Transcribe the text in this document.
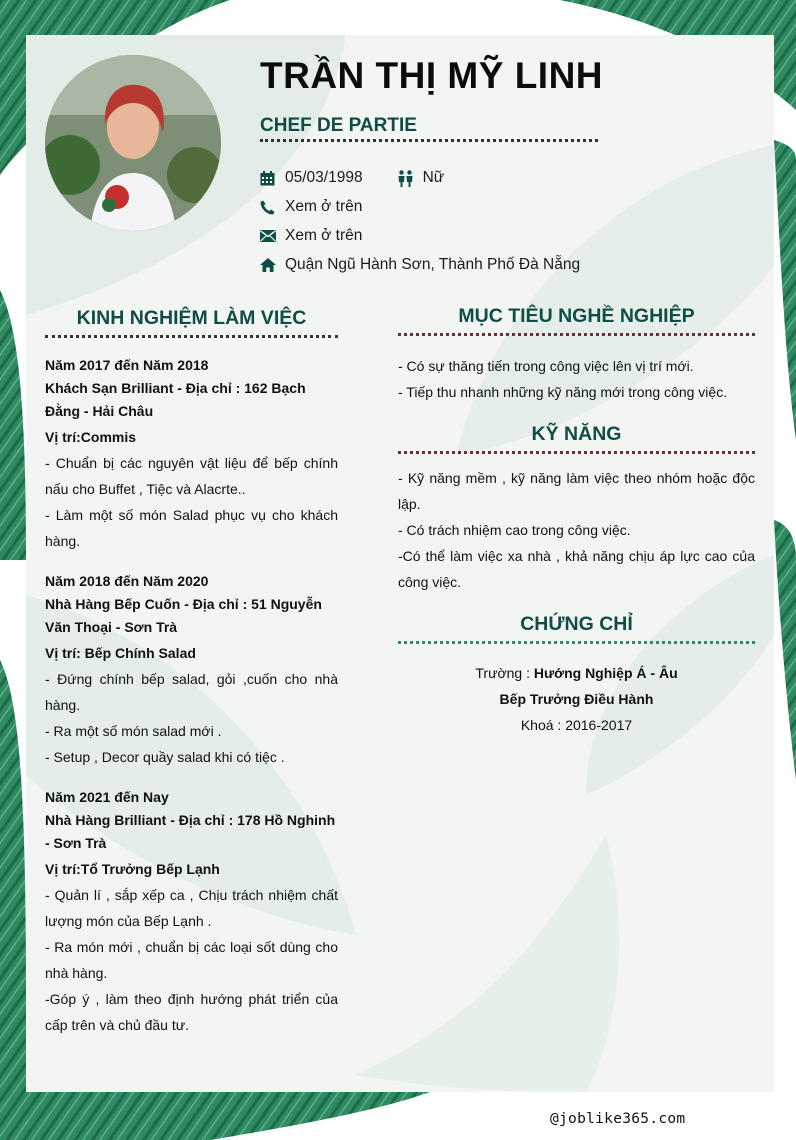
TRẦN THỊ MỸ LINH
CHEF DE PARTIE
05/03/1998	Nữ
Xem ở trên
Xem ở trên
Quận Ngũ Hành Sơn, Thành Phố Đà Nẵng
KINH NGHIỆM LÀM VIỆC
Năm 2017 đến Năm 2018
Khách Sạn Brilliant - Địa chỉ : 162 Bạch Đằng - Hải Châu
Vị trí:Commis

- Chuẩn bị các nguyên vật liệu để bếp chính nấu cho Buffet , Tiệc và Alacrte..

- Làm một số món Salad phục vụ cho khách hàng.

Năm 2018 đến Năm 2020
Nhà Hàng Bếp Cuốn - Địa chỉ : 51 Nguyễn Văn Thoại - Sơn Trà
Vị trí: Bếp Chính Salad

- Đứng chính bếp salad, gỏi ,cuốn cho nhà hàng.

- Ra một số món salad mới .

- Setup , Decor quầy salad khi có tiệc .

Năm 2021 đến Nay
Nhà Hàng Brilliant - Địa chỉ : 178 Hồ Nghinh - Sơn Trà
Vị trí:Tổ Trưởng Bếp Lạnh

- Quản lí , sắp xếp ca , Chịu trách nhiệm chất lượng món của Bếp Lạnh .

- Ra món mới , chuẩn bị các loại sốt dùng cho nhà hàng.

-Góp ý , làm theo định hướng phát triển của cấp trên và chủ đầu tư.

MỤC TIÊU NGHỀ NGHIỆP

- Có sự thăng tiến trong công việc lên vị trí mới.

- Tiếp thu nhanh những kỹ năng mới trong công việc.

KỸ NĂNG

- Kỹ năng mềm , kỹ năng làm việc theo nhóm hoặc độc lập.

- Có trách nhiệm cao trong công việc.

-Có thể làm việc xa nhà , khả năng chịu áp lực cao của công việc.

CHỨNG CHỈ
Trường : Hướng Nghiệp Á - Âu
Bếp Trưởng Điều Hành
Khoá : 2016-2017
@joblike365.com
